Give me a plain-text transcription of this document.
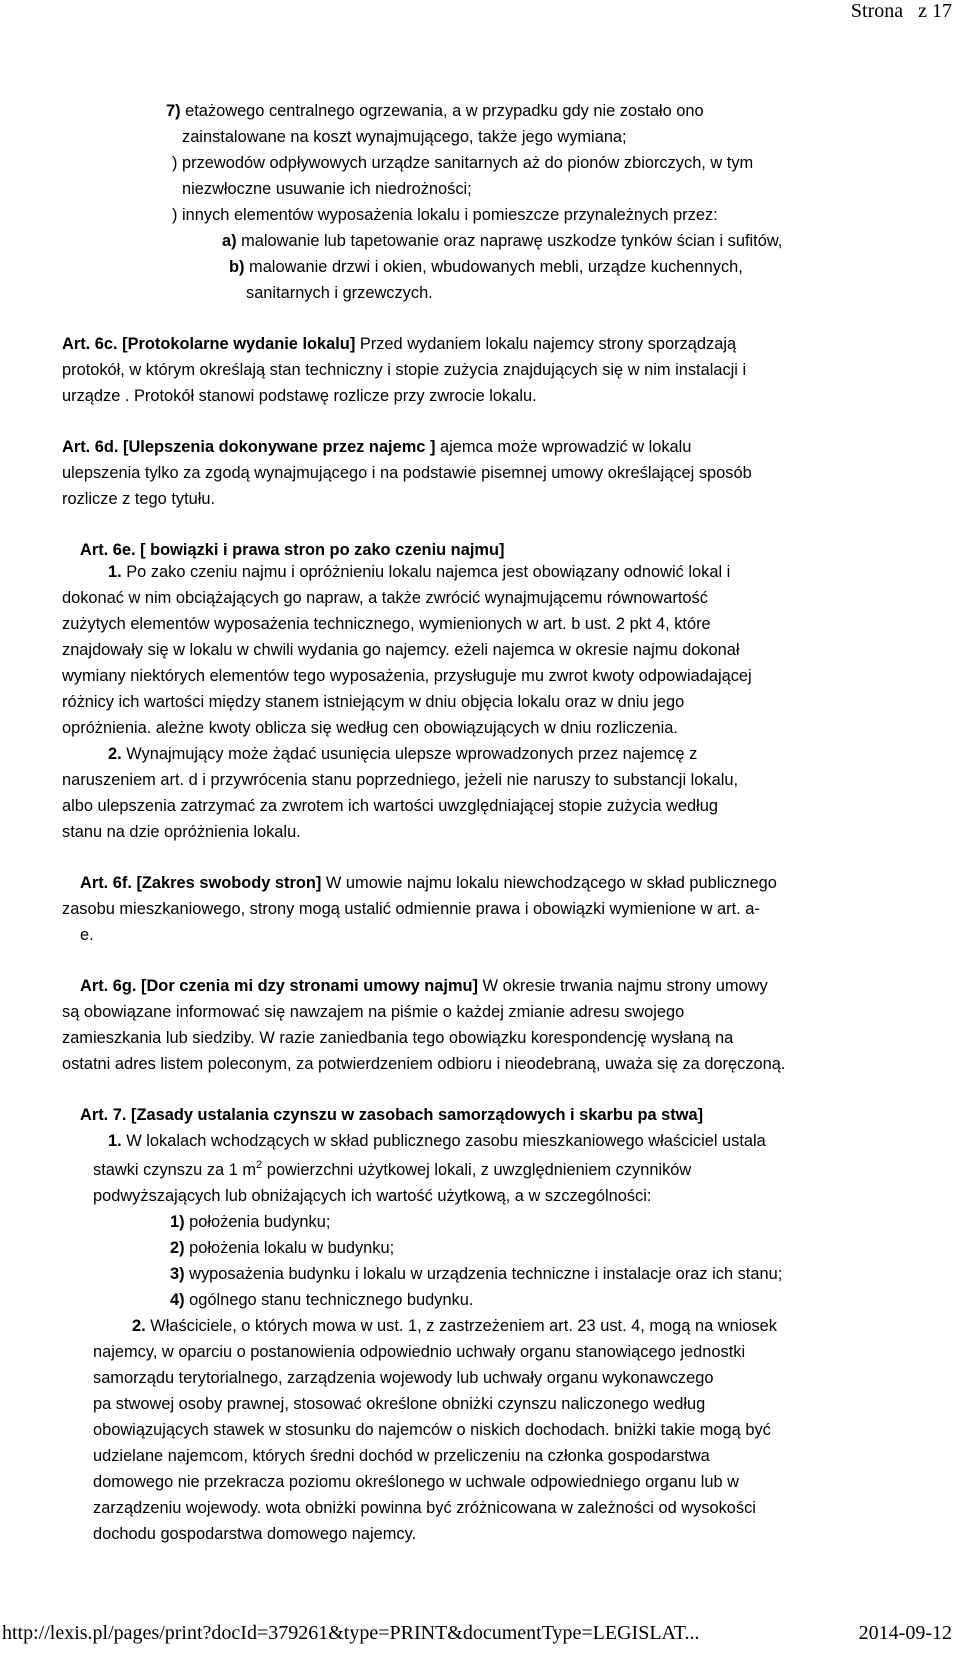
Strona z 17
7) etażowego centralnego ogrzewania, a w przypadku gdy nie zostało ono
zainstalowane na koszt wynajmującego, także jego wymiana;
) przewodów odpływowych urządze sanitarnych aż do pionów zbiorczych, w tym
niezwłoczne usuwanie ich niedrożności;
) innych elementów wyposażenia lokalu i pomieszcze przynależnych przez:
a) malowanie lub tapetowanie oraz naprawę uszkodze tynków ścian i sufitów,
b) malowanie drzwi i okien, wbudowanych mebli, urządze kuchennych,
sanitarnych i grzewczych.
Art. 6c. [Protokolarne wydanie lokalu] Przed wydaniem lokalu najemcy strony sporządzają
protokół, w którym określają stan techniczny i stopie zużycia znajdujących się w nim instalacji i
urządze . Protokół stanowi podstawę rozlicze przy zwrocie lokalu.
Art. 6d. [Ulepszenia dokonywane przez najemc ] ajemca może wprowadzić w lokalu
ulepszenia tylko za zgodą wynajmującego i na podstawie pisemnej umowy określającej sposób
rozlicze z tego tytułu.
Art. 6e. [ bowiązki i prawa stron po zako czeniu najmu]
1. Po zako czeniu najmu i opróżnieniu lokalu najemca jest obowiązany odnowić lokal i
dokonać w nim obciążających go napraw, a także zwrócić wynajmującemu równowartość
zużytych elementów wyposażenia technicznego, wymienionych w art. b ust. 2 pkt 4, które
znajdowały się w lokalu w chwili wydania go najemcy. eżeli najemca w okresie najmu dokonał
wymiany niektórych elementów tego wyposażenia, przysługuje mu zwrot kwoty odpowiadającej
różnicy ich wartości między stanem istniejącym w dniu objęcia lokalu oraz w dniu jego
opróżnienia. ależne kwoty oblicza się według cen obowiązujących w dniu rozliczenia.
2. Wynajmujący może żądać usunięcia ulepsze wprowadzonych przez najemcę z
naruszeniem art. d i przywrócenia stanu poprzedniego, jeżeli nie naruszy to substancji lokalu,
albo ulepszenia zatrzymać za zwrotem ich wartości uwzględniającej stopie zużycia według
stanu na dzie opróżnienia lokalu.
Art. 6f. [Zakres swobody stron] W umowie najmu lokalu niewchodzącego w skład publicznego
zasobu mieszkaniowego, strony mogą ustalić odmiennie prawa i obowiązki wymienione w art. a-
e.
Art. 6g. [Dor czenia mi dzy stronami umowy najmu] W okresie trwania najmu strony umowy
są obowiązane informować się nawzajem na piśmie o każdej zmianie adresu swojego
zamieszkania lub siedziby. W razie zaniedbania tego obowiązku korespondencję wysłaną na
ostatni adres listem poleconym, za potwierdzeniem odbioru i nieodebraną, uważa się za doręczoną.
Art. 7. [Zasady ustalania czynszu w zasobach samorządowych i skarbu pa stwa]
1. W lokalach wchodzących w skład publicznego zasobu mieszkaniowego właściciel ustala
stawki czynszu za 1 $m^2$ powierzchni użytkowej lokali, z uwzględnieniem czynników
podwyższających lub obniżających ich wartość użytkową, a w szczególności:
1) położenia budynku;
2) położenia lokalu w budynku;
3) wyposażenia budynku i lokalu w urządzenia techniczne i instalacje oraz ich stanu;
4) ogólnego stanu technicznego budynku.
2. Właściciele, o których mowa w ust. 1, z zastrzeżeniem art. 23 ust. 4, mogą na wniosek
najemcy, w oparciu o postanowienia odpowiednio uchwały organu stanowiącego jednostki
samorządu terytorialnego, zarządzenia wojewody lub uchwały organu wykonawczego
pa stwowej osoby prawnej, stosować określone obniżki czynszu naliczonego według
obowiązujących stawek w stosunku do najemców o niskich dochodach. bniżki takie mogą być
udzielane najemcom, których średni dochód w przeliczeniu na członka gospodarstwa
domowego nie przekracza poziomu określonego w uchwale odpowiedniego organu lub w
zarządzeniu wojewody. wota obniżki powinna być zróżnicowana w zależności od wysokości
dochodu gospodarstwa domowego najemcy.
http://lexis.pl/pages/print?docId=379261&type=PRINT&documentType=LEGISLAT...	2014-09-12
